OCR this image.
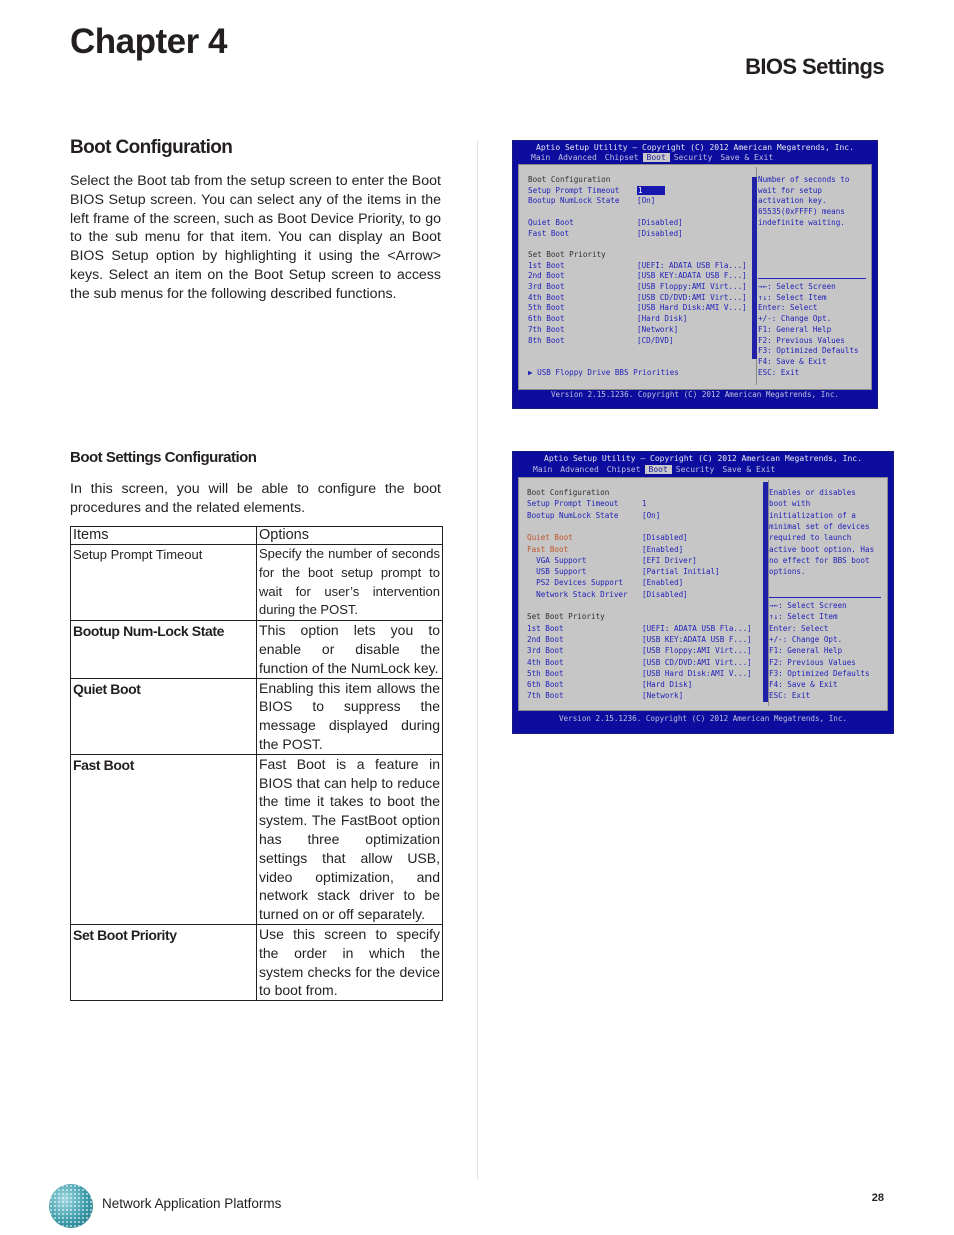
Chapter 4
BIOS Settings
Boot Configuration
Select the Boot tab from the setup screen to enter the Boot BIOS Setup screen. You can select any of the items in the left frame of the screen, such as Boot Device Priority, to go to the sub menu for that item. You can display an Boot BIOS Setup option by highlighting it using the <Arrow> keys. Select an item on the Boot Setup screen to access the sub menus for the following described functions.
Boot Settings Configuration
In this screen, you will be able to configure the boot procedures and the related elements.
Items	Options
Setup Prompt Timeout	Specify the number of seconds for the boot setup prompt to wait for user’s intervention during the POST.
Bootup Num-Lock State	This option lets you to enable or disable the function of the NumLock key.
Quiet Boot	Enabling this item allows the BIOS to suppress the message displayed during the POST.
Fast Boot	Fast Boot is a feature in BIOS that can help to reduce the time it takes to boot the system. The FastBoot option has three optimization settings that allow USB, video optimization, and network stack driver to be turned on or off separately.
Set Boot Priority	Use this screen to specify the order in which the system checks for the device to boot from.
Aptio Setup Utility – Copyright (C) 2012 American Megatrends, Inc.
Main Advanced Chipset Boot Security Save & Exit
Boot Configuration
Setup Prompt Timeout 1
Bootup NumLock State [On]
Quiet Boot	[Disabled]
Fast Boot	[Disabled]
Set Boot Priority
1st Boot	[UEFI: ADATA USB Fla...]
2nd Boot	[USB KEY:ADATA USB F...]
3rd Boot	[USB Floppy:AMI Virt...]
4th Boot	[USB CD/DVD:AMI Virt...]
5th Boot	[USB Hard Disk:AMI V...]
6th Boot	[Hard Disk]
7th Boot	[Network]
8th Boot	[CD/DVD]
▶ USB Floppy Drive BBS Priorities
Number of seconds to
wait for setup
activation key.
65535(0xFFFF) means
indefinite waiting.
→←: Select Screen
↑↓: Select Item
Enter: Select
+/-: Change Opt.
F1: General Help
F2: Previous Values
F3: Optimized Defaults
F4: Save & Exit
ESC: Exit
Version 2.15.1236. Copyright (C) 2012 American Megatrends, Inc.
Aptio Setup Utility – Copyright (C) 2012 American Megatrends, Inc.
Main Advanced Chipset Boot Security Save & Exit
Boot Configuration
Setup Prompt Timeout	1
Bootup NumLock State	[On]
Quiet Boot	[Disabled]
Fast Boot	[Enabled]
VGA Support	[EFI Driver]
USB Support	[Partial Initial]
PS2 Devices Support [Enabled]
Network Stack Driver [Disabled]
Set Boot Priority
1st Boot	[UEFI: ADATA USB Fla...]
2nd Boot	[USB KEY:ADATA USB F...]
3rd Boot	[USB Floppy:AMI Virt...]
4th Boot	[USB CD/DVD:AMI Virt...]
5th Boot	[USB Hard Disk:AMI V...]
6th Boot	[Hard Disk]
7th Boot	[Network]
Enables or disables
boot with
initialization of a
minimal set of devices
required to launch
active boot option. Has
no effect for BBS boot
options.
→←: Select Screen
↑↓: Select Item
Enter: Select
+/-: Change Opt.
F1: General Help
F2: Previous Values
F3: Optimized Defaults
F4: Save & Exit
ESC: Exit
Version 2.15.1236. Copyright (C) 2012 American Megatrends, Inc.
Network Application Platforms	28
